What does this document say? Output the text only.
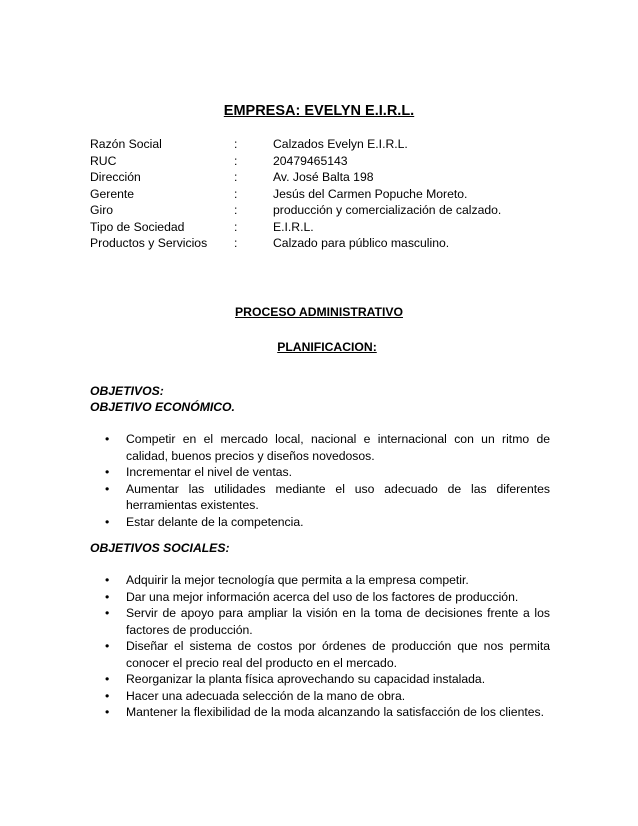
EMPRESA: EVELYN E.I.R.L.
Razón Social	:	Calzados Evelyn E.I.R.L.
RUC	:	20479465143
Dirección	:	Av. José Balta 198
Gerente	:	Jesús del Carmen Popuche Moreto.
Giro	:	producción y comercialización de calzado.
Tipo de Sociedad	:	E.I.R.L.
Productos y Servicios	:	Calzado para público masculino.
PROCESO ADMINISTRATIVO
PLANIFICACION:
OBJETIVOS:
OBJETIVO ECONÓMICO.
• Competir en el mercado local, nacional e internacional con un ritmo de calidad, buenos precios y diseños novedosos.
• Incrementar el nivel de ventas.
• Aumentar las utilidades mediante el uso adecuado de las diferentes herramientas existentes.
• Estar delante de la competencia.
OBJETIVOS SOCIALES:
• Adquirir la mejor tecnología que permita a la empresa competir.
• Dar una mejor información acerca del uso de los factores de producción.
• Servir de apoyo para ampliar la visión en la toma de decisiones frente a los factores de producción.
• Diseñar el sistema de costos por órdenes de producción que nos permita conocer el precio real del producto en el mercado.
• Reorganizar la planta física aprovechando su capacidad instalada.
• Hacer una adecuada selección de la mano de obra.
• Mantener la flexibilidad de la moda alcanzando la satisfacción de los clientes.
